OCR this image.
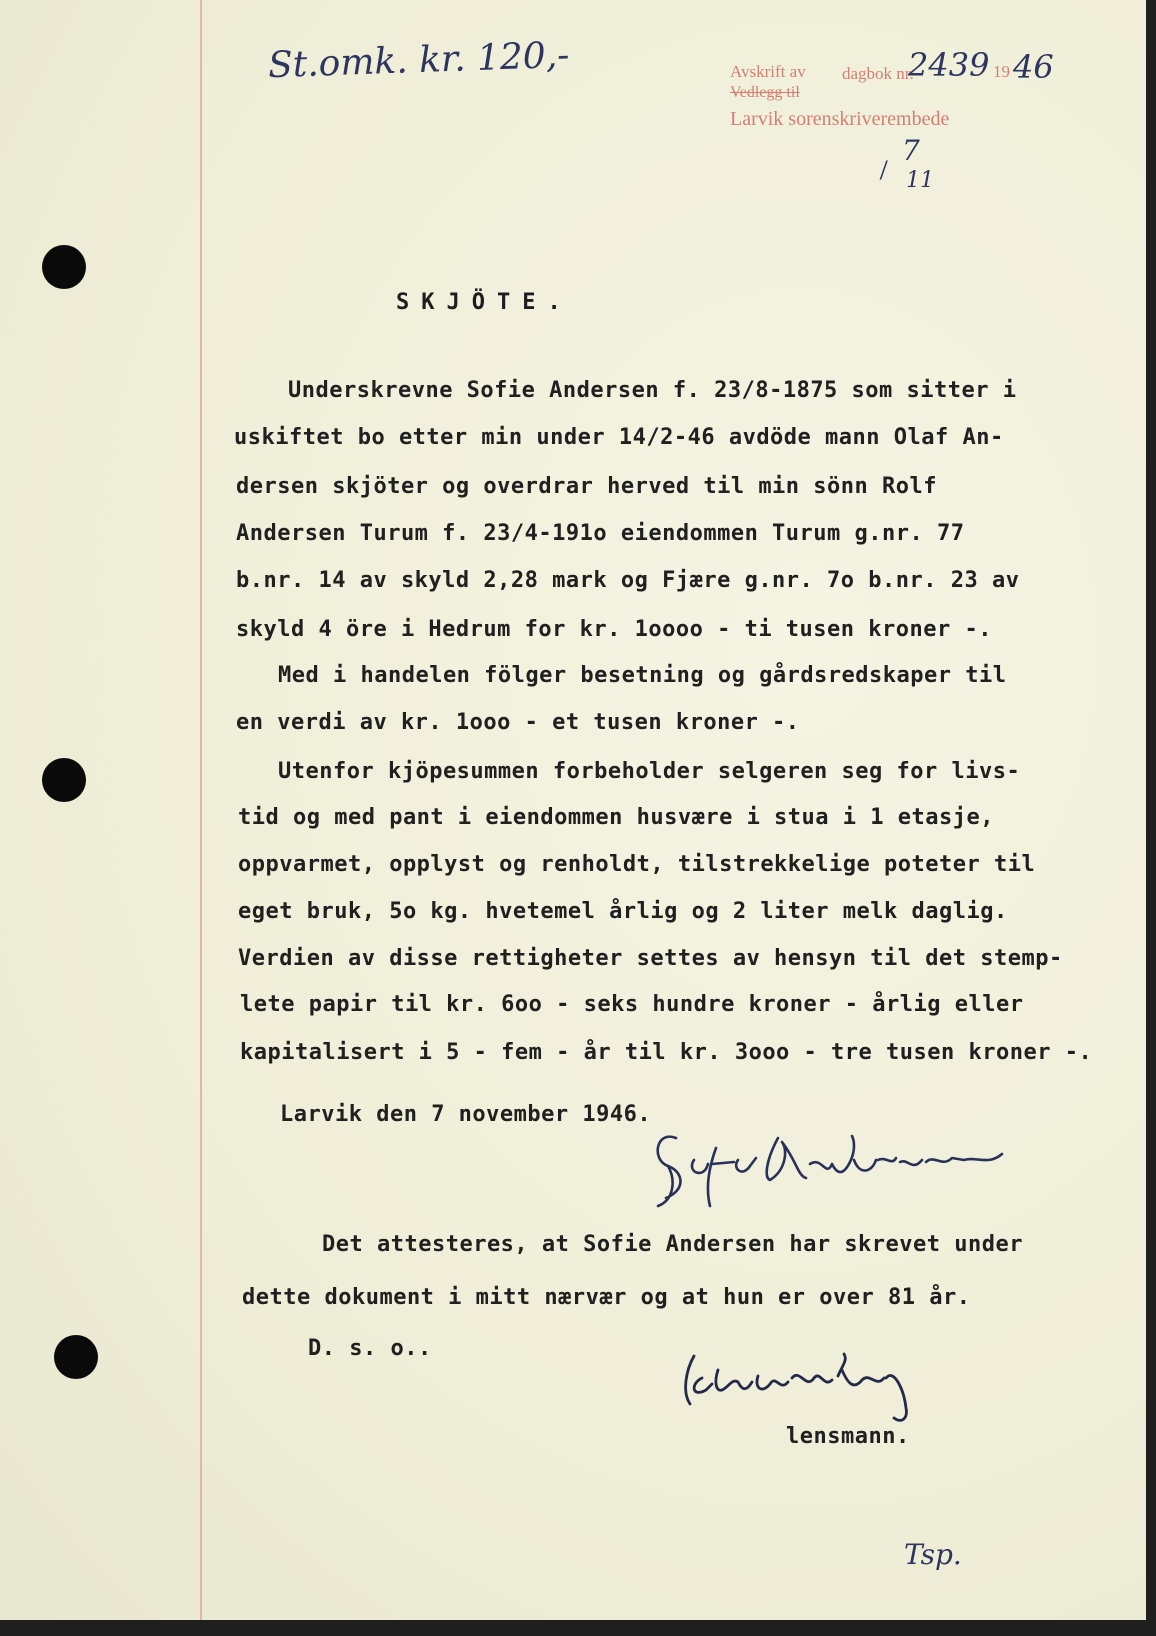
St.omk. kr. 120,-	Avskrift av dagbok nr.
Vedlegg til
Larvik sorenskriverembede
2439 19 46
7
/ 11
SKJÖTE.
Underskrevne Sofie Andersen f. 23/8-1875 som sitter i
uskiftet bo etter min under 14/2-46 avdöde mann Olaf An-
dersen skjöter og overdrar herved til min sönn Rolf
Andersen Turum f. 23/4-191o eiendommen Turum g.nr. 77
b.nr. 14 av skyld 2,28 mark og Fjære g.nr. 7o b.nr. 23 av
skyld 4 öre i Hedrum for kr. 1oooo - ti tusen kroner -.
Med i handelen fölger besetning og gårdsredskaper til
en verdi av kr. 1ooo - et tusen kroner -.
Utenfor kjöpesummen forbeholder selgeren seg for livs-
tid og med pant i eiendommen husvære i stua i 1 etasje,
oppvarmet, opplyst og renholdt, tilstrekkelige poteter til
eget bruk, 5o kg. hvetemel årlig og 2 liter melk daglig.
Verdien av disse rettigheter settes av hensyn til det stemp-
lete papir til kr. 6oo - seks hundre kroner - årlig eller
kapitalisert i 5 - fem - år til kr. 3ooo - tre tusen kroner -.
Larvik den 7 november 1946.
Det attesteres, at Sofie Andersen har skrevet under
dette dokument i mitt nærvær og at hun er over 81 år.
D. s. o..
lensmann.
Tsp.
